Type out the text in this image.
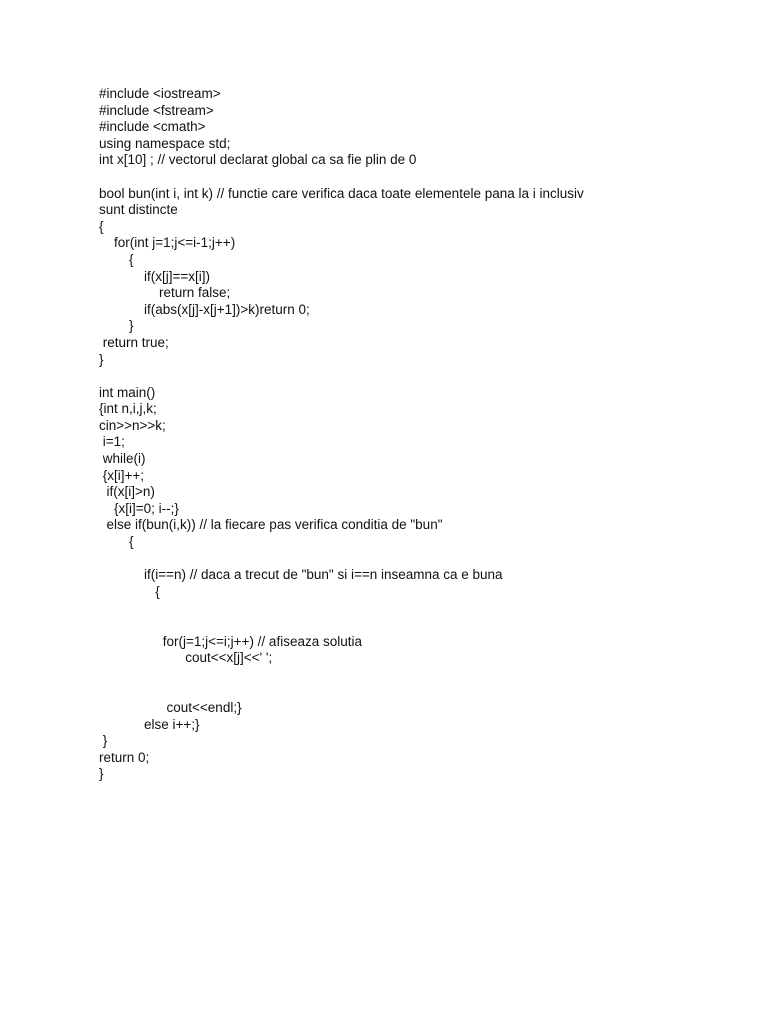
#include <iostream>
#include <fstream>
#include <cmath>
using namespace std;
int x[10] ; // vectorul declarat global ca sa fie plin de 0
bool bun(int i, int k) // functie care verifica daca toate elementele pana la i inclusiv
sunt distincte
{
for(int j=1;j<=i-1;j++)
{
if(x[j]==x[i])
return false;
if(abs(x[j]-x[j+1])>k)return 0;
}
return true;
}
int main()
{int n,i,j,k;
cin>>n>>k;
i=1;
while(i)
{x[i]++;
if(x[i]>n)
{x[i]=0; i--;}
else if(bun(i,k)) // la fiecare pas verifica conditia de "bun"
{
if(i==n) // daca a trecut de "bun" si i==n inseamna ca e buna
{
for(j=1;j<=i;j++) // afiseaza solutia
cout<<x[j]<<' ';
cout<<endl;}
else i++;}
}
return 0;
}
